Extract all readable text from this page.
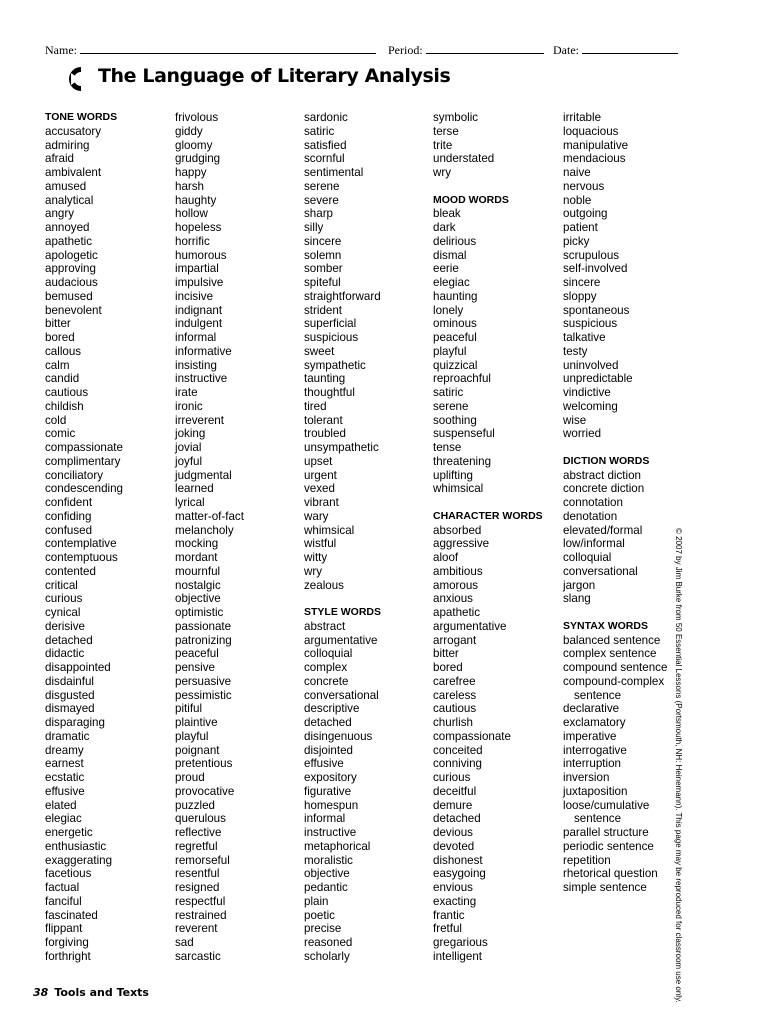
Name:	Period:	Date:
The Language of Literary Analysis
TONE WORDS
accusatory
admiring
afraid
ambivalent
amused
analytical
angry
annoyed
apathetic
apologetic
approving
audacious
bemused
benevolent
bitter
bored
callous
calm
candid
cautious
childish
cold
comic
compassionate
complimentary
conciliatory
condescending
confident
confiding
confused
contemplative
contemptuous
contented
critical
curious
cynical
derisive
detached
didactic
disappointed
disdainful
disgusted
dismayed
disparaging
dramatic
dreamy
earnest
ecstatic
effusive
elated
elegiac
energetic
enthusiastic
exaggerating
facetious
factual
fanciful
fascinated
flippant
forgiving
forthright
frivolous
giddy
gloomy
grudging
happy
harsh
haughty
hollow
hopeless
horrific
humorous
impartial
impulsive
incisive
indignant
indulgent
informal
informative
insisting
instructive
irate
ironic
irreverent
joking
jovial
joyful
judgmental
learned
lyrical
matter-of-fact
melancholy
mocking
mordant
mournful
nostalgic
objective
optimistic
passionate
patronizing
peaceful
pensive
persuasive
pessimistic
pitiful
plaintive
playful
poignant
pretentious
proud
provocative
puzzled
querulous
reflective
regretful
remorseful
resentful
resigned
respectful
restrained
reverent
sad
sarcastic
sardonic
satiric
satisfied
scornful
sentimental
serene
severe
sharp
silly
sincere
solemn
somber
spiteful
straightforward
strident
superficial
suspicious
sweet
sympathetic
taunting
thoughtful
tired
tolerant
troubled
unsympathetic
upset
urgent
vexed
vibrant
wary
whimsical
wistful
witty
wry
zealous
STYLE WORDS
abstract
argumentative
colloquial
complex
concrete
conversational
descriptive
detached
disingenuous
disjointed
effusive
expository
figurative
homespun
informal
instructive
metaphorical
moralistic
objective
pedantic
plain
poetic
precise
reasoned
scholarly
symbolic
terse
trite
understated
wry
MOOD WORDS
bleak
dark
delirious
dismal
eerie
elegiac
haunting
lonely
ominous
peaceful
playful
quizzical
reproachful
satiric
serene
soothing
suspenseful
tense
threatening
uplifting
whimsical
CHARACTER WORDS
absorbed
aggressive
aloof
ambitious
amorous
anxious
apathetic
argumentative
arrogant
bitter
bored
carefree
careless
cautious
churlish
compassionate
conceited
conniving
curious
deceitful
demure
detached
devious
devoted
dishonest
easygoing
envious
exacting
frantic
fretful
gregarious
intelligent
irritable
loquacious
manipulative
mendacious
naive
nervous
noble
outgoing
patient
picky
scrupulous
self-involved
sincere
sloppy
spontaneous
suspicious
talkative
testy
uninvolved
unpredictable
vindictive
welcoming
wise
worried
DICTION WORDS
abstract diction
concrete diction
connotation
denotation
elevated/formal
low/informal
colloquial
conversational
jargon
slang
SYNTAX WORDS
balanced sentence
complex sentence
compound sentence
compound-complex
sentence
declarative
exclamatory
imperative
interrogative
interruption
inversion
juxtaposition
loose/cumulative
sentence
parallel structure
periodic sentence
repetition
rhetorical question
simple sentence	© 2007 by Jim Burke from 50 Essential Lessons (Portsmouth, NH: Heinemann). This page may be reproduced for classroom use only.
38 Tools and Texts
